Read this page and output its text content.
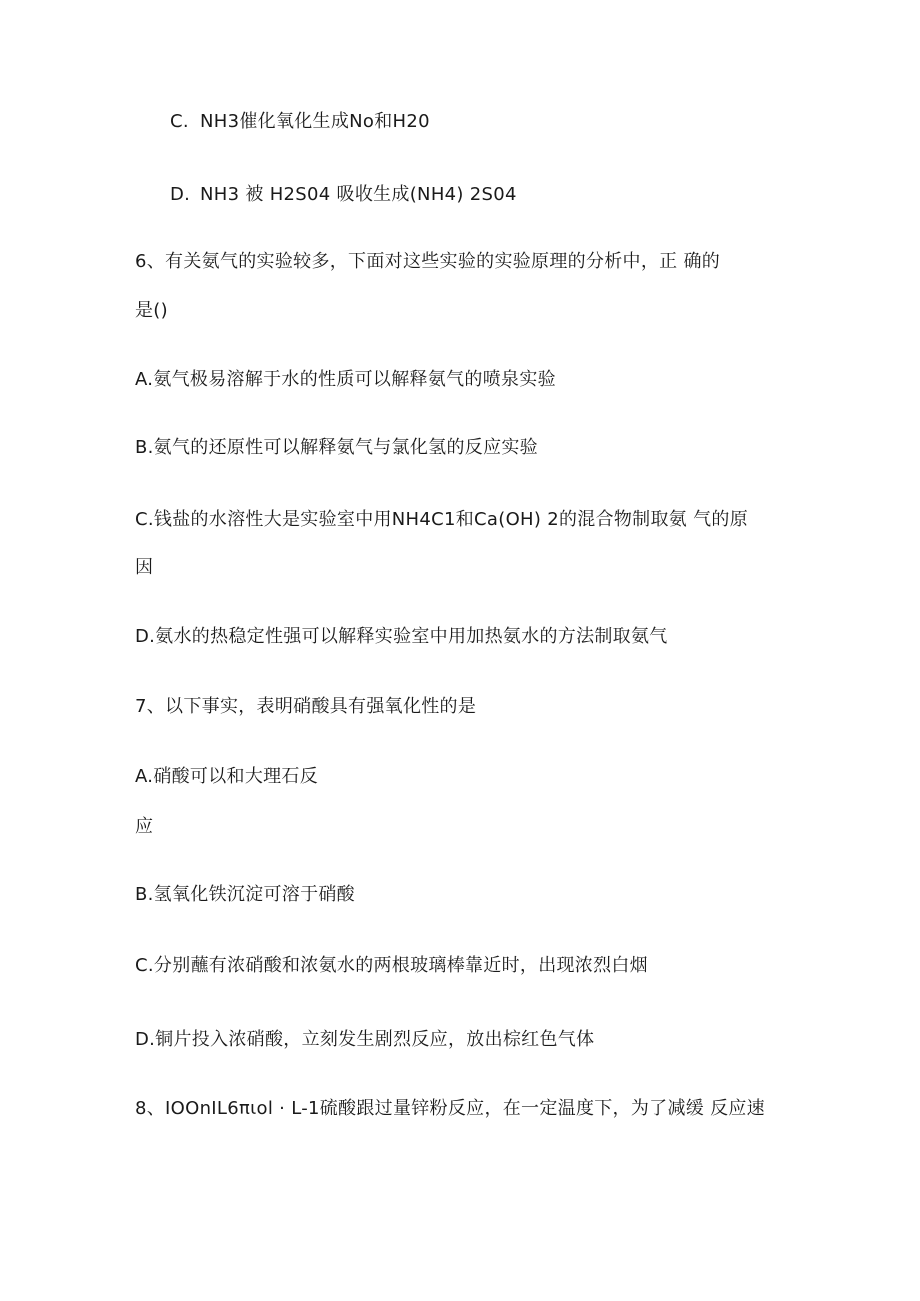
C. NH3催化氧化生成No和H20
D. NH3 被 H2S04 吸收生成(NH4) 2S04
6、有关氨气的实验较多，下面对这些实验的实验原理的分析中，正 确的
是()
A.氨气极易溶解于水的性质可以解释氨气的喷泉实验
B.氨气的还原性可以解释氨气与氯化氢的反应实验
C.钱盐的水溶性大是实验室中用NH4C1和Ca(OH) 2的混合物制取氨 气的原
因
D.氨水的热稳定性强可以解释实验室中用加热氨水的方法制取氨气
7、以下事实，表明硝酸具有强氧化性的是
A.硝酸可以和大理石反
应
B.氢氧化铁沉淀可溶于硝酸
C.分别蘸有浓硝酸和浓氨水的两根玻璃棒靠近时，出现浓烈白烟
D.铜片投入浓硝酸，立刻发生剧烈反应，放出棕红色气体
8、IOOnIL6πιol · L-1硫酸跟过量锌粉反应，在一定温度下，为了减缓 反应速
